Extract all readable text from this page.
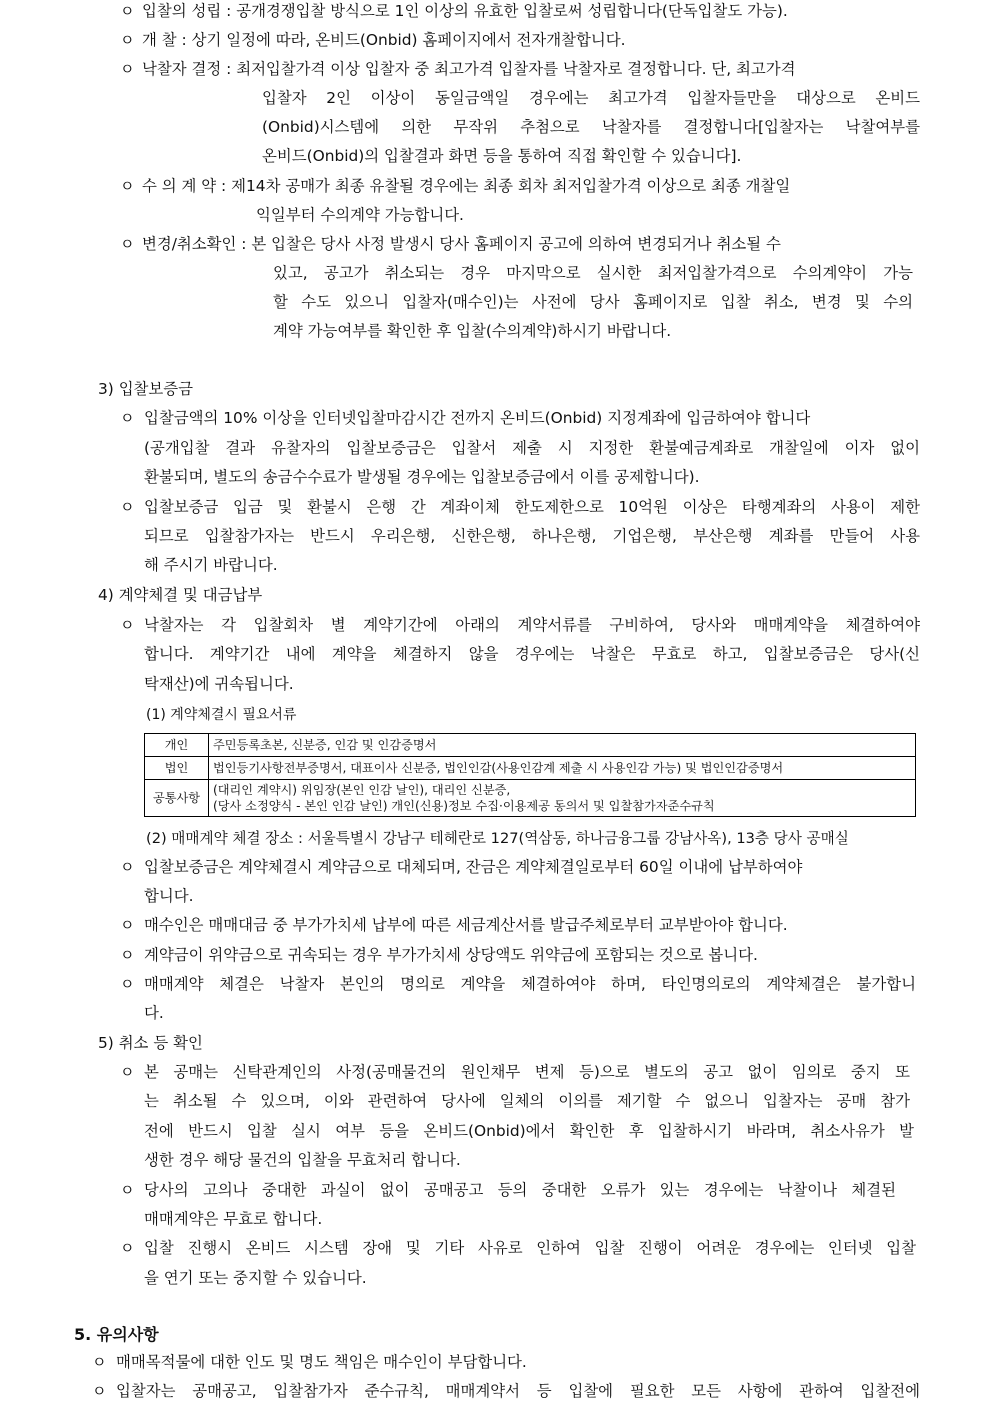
ㅇ 입찰의 성립 : 공개경쟁입찰 방식으로 1인 이상의 유효한 입찰로써 성립합니다(단독입찰도 가능).
ㅇ 개 찰 : 상기 일정에 따라, 온비드(Onbid) 홈페이지에서 전자개찰합니다.
ㅇ 낙찰자 결정 : 최저입찰가격 이상 입찰자 중 최고가격 입찰자를 낙찰자로 결정합니다. 단, 최고가격
입찰자 2인 이상이 동일금액일 경우에는 최고가격 입찰자들만을 대상으로 온비드
(Onbid)시스템에 의한 무작위 추첨으로 낙찰자를 결정합니다[입찰자는 낙찰여부를
온비드(Onbid)의 입찰결과 화면 등을 통하여 직접 확인할 수 있습니다].
ㅇ 수 의 계 약 : 제14차 공매가 최종 유찰될 경우에는 최종 회차 최저입찰가격 이상으로 최종 개찰일
익일부터 수의계약 가능합니다.
ㅇ 변경/취소확인 : 본 입찰은 당사 사정 발생시 당사 홈페이지 공고에 의하여 변경되거나 취소될 수
있고, 공고가 취소되는 경우 마지막으로 실시한 최저입찰가격으로 수의계약이 가능
할 수도 있으니 입찰자(매수인)는 사전에 당사 홈페이지로 입찰 취소, 변경 및 수의
계약 가능여부를 확인한 후 입찰(수의계약)하시기 바랍니다.
3) 입찰보증금
ㅇ 입찰금액의 10% 이상을 인터넷입찰마감시간 전까지 온비드(Onbid) 지정계좌에 입금하여야 합니다
(공개입찰 결과 유찰자의 입찰보증금은 입찰서 제출 시 지정한 환불예금계좌로 개찰일에 이자 없이
환불되며, 별도의 송금수수료가 발생될 경우에는 입찰보증금에서 이를 공제합니다).
ㅇ 입찰보증금 입금 및 환불시 은행 간 계좌이체 한도제한으로 10억원 이상은 타행계좌의 사용이 제한
되므로 입찰참가자는 반드시 우리은행, 신한은행, 하나은행, 기업은행, 부산은행 계좌를 만들어 사용
해 주시기 바랍니다.
4) 계약체결 및 대금납부
ㅇ 낙찰자는 각 입찰회차 별 계약기간에 아래의 계약서류를 구비하여, 당사와 매매계약을 체결하여야
합니다. 계약기간 내에 계약을 체결하지 않을 경우에는 낙찰은 무효로 하고, 입찰보증금은 당사(신
탁재산)에 귀속됩니다.
(1) 계약체결시 필요서류
개인	주민등록초본, 신분증, 인감 및 인감증명서
법인	법인등기사항전부증명서, 대표이사 신분증, 법인인감(사용인감계 제출 시 사용인감 가능) 및 법인인감증명서
공통사항	(대리인 계약시) 위임장(본인 인감 날인), 대리인 신분증,
(당사 소정양식 - 본인 인감 날인) 개인(신용)정보 수집·이용제공 동의서 및 입찰참가자준수규칙
(2) 매매계약 체결 장소 : 서울특별시 강남구 테헤란로 127(역삼동, 하나금융그룹 강남사옥), 13층 당사 공매실
ㅇ 입찰보증금은 계약체결시 계약금으로 대체되며, 잔금은 계약체결일로부터 60일 이내에 납부하여야
합니다.
ㅇ 매수인은 매매대금 중 부가가치세 납부에 따른 세금계산서를 발급주체로부터 교부받아야 합니다.
ㅇ 계약금이 위약금으로 귀속되는 경우 부가가치세 상당액도 위약금에 포함되는 것으로 봅니다.
ㅇ 매매계약 체결은 낙찰자 본인의 명의로 계약을 체결하여야 하며, 타인명의로의 계약체결은 불가합니
다.
5) 취소 등 확인
ㅇ 본 공매는 신탁관계인의 사정(공매물건의 원인채무 변제 등)으로 별도의 공고 없이 임의로 중지 또
는 취소될 수 있으며, 이와 관련하여 당사에 일체의 이의를 제기할 수 없으니 입찰자는 공매 참가
전에 반드시 입찰 실시 여부 등을 온비드(Onbid)에서 확인한 후 입찰하시기 바라며, 취소사유가 발
생한 경우 해당 물건의 입찰을 무효처리 합니다.
ㅇ 당사의 고의나 중대한 과실이 없이 공매공고 등의 중대한 오류가 있는 경우에는 낙찰이나 체결된
매매계약은 무효로 합니다.
ㅇ 입찰 진행시 온비드 시스템 장애 및 기타 사유로 인하여 입찰 진행이 어려운 경우에는 인터넷 입찰
을 연기 또는 중지할 수 있습니다.
5. 유의사항
ㅇ 매매목적물에 대한 인도 및 명도 책임은 매수인이 부담합니다.
ㅇ 입찰자는 공매공고, 입찰참가자 준수규칙, 매매계약서 등 입찰에 필요한 모든 사항에 관하여 입찰전에
